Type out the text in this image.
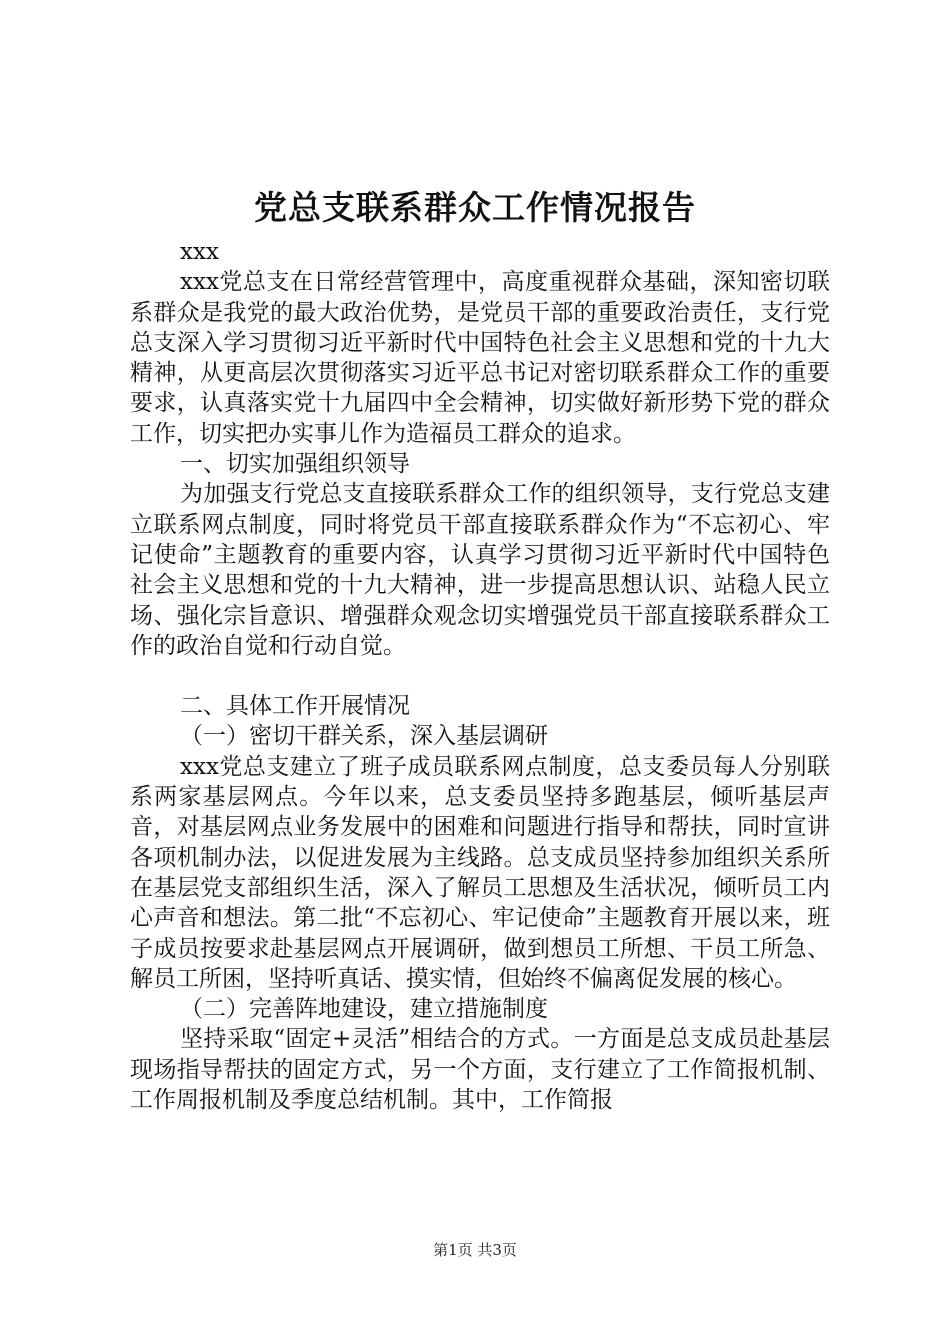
党总支联系群众工作情况报告

xxx

xxx党总支在日常经营管理中，高度重视群众基础，深知密切联系群众是我党的最大政治优势，是党员干部的重要政治责任，支行党总支深入学习贯彻习近平新时代中国特色社会主义思想和党的十九大精神，从更高层次贯彻落实习近平总书记对密切联系群众工作的重要要求，认真落实党十九届四中全会精神，切实做好新形势下党的群众工作，切实把办实事儿作为造福员工群众的追求。

一、切实加强组织领导

为加强支行党总支直接联系群众工作的组织领导，支行党总支建立联系网点制度，同时将党员干部直接联系群众作为“不忘初心、牢记使命”主题教育的重要内容，认真学习贯彻习近平新时代中国特色社会主义思想和党的十九大精神，进一步提高思想认识、站稳人民立场、强化宗旨意识、增强群众观念切实增强党员干部直接联系群众工作的政治自觉和行动自觉。

二、具体工作开展情况

（一）密切干群关系，深入基层调研

xxx党总支建立了班子成员联系网点制度，总支委员每人分别联系两家基层网点。今年以来，总支委员坚持多跑基层，倾听基层声音，对基层网点业务发展中的困难和问题进行指导和帮扶，同时宣讲各项机制办法，以促进发展为主线路。总支成员坚持参加组织关系所在基层党支部组织生活，深入了解员工思想及生活状况，倾听员工内心声音和想法。第二批“不忘初心、牢记使命”主题教育开展以来，班子成员按要求赴基层网点开展调研，做到想员工所想、干员工所急、解员工所困，坚持听真话、摸实情，但始终不偏离促发展的核心。

（二）完善阵地建设，建立措施制度

坚持采取“固定+灵活”相结合的方式。一方面是总支成员赴基层现场指导帮扶的固定方式，另一个方面，支行建立了工作简报机制、工作周报机制及季度总结机制。其中，工作简报

第1页 共3页
